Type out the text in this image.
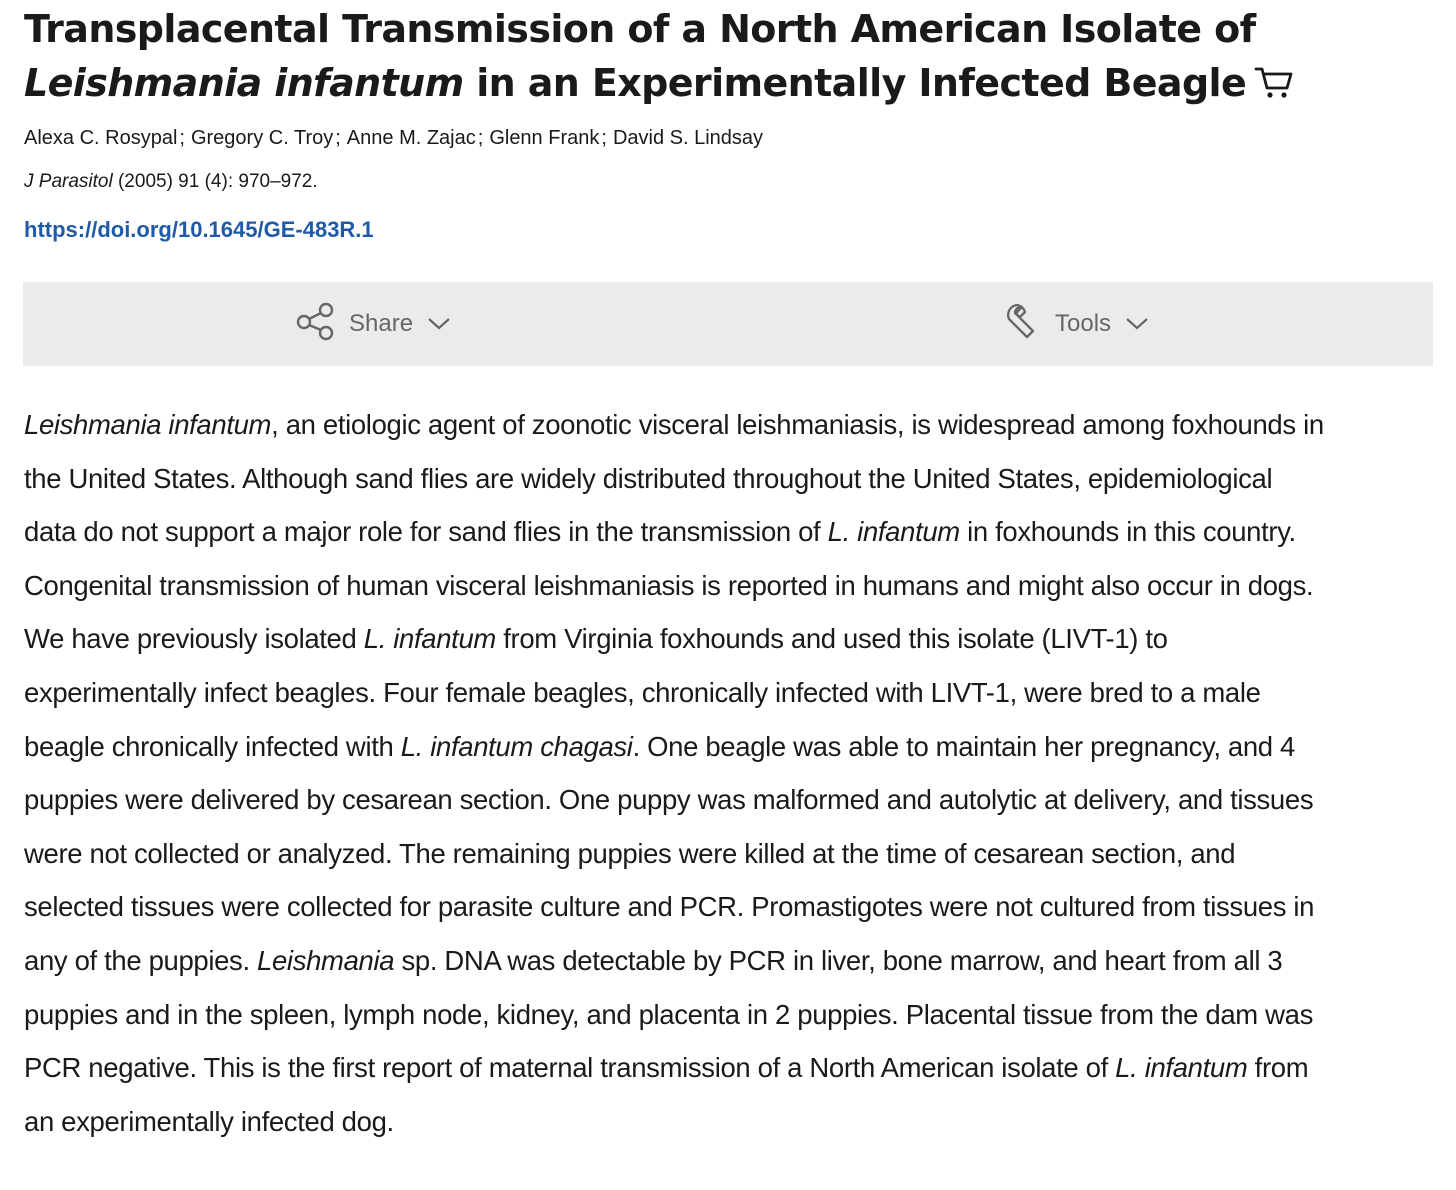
Transplacental Transmission of a North American Isolate of Leishmania infantum in an Experimentally Infected Beagle
Alexa C. Rosypal ; Gregory C. Troy ; Anne M. Zajac ; Glenn Frank ; David S. Lindsay
J Parasitol (2005) 91 (4): 970–972.
https://doi.org/10.1645/GE-483R.1
Share	Tools
Leishmania infantum, an etiologic agent of zoonotic visceral leishmaniasis, is widespread among foxhounds in
the United States. Although sand flies are widely distributed throughout the United States, epidemiological
data do not support a major role for sand flies in the transmission of L. infantum in foxhounds in this country.
Congenital transmission of human visceral leishmaniasis is reported in humans and might also occur in dogs.
We have previously isolated L. infantum from Virginia foxhounds and used this isolate (LIVT-1) to
experimentally infect beagles. Four female beagles, chronically infected with LIVT-1, were bred to a male
beagle chronically infected with L. infantum chagasi. One beagle was able to maintain her pregnancy, and 4
puppies were delivered by cesarean section. One puppy was malformed and autolytic at delivery, and tissues
were not collected or analyzed. The remaining puppies were killed at the time of cesarean section, and
selected tissues were collected for parasite culture and PCR. Promastigotes were not cultured from tissues in
any of the puppies. Leishmania sp. DNA was detectable by PCR in liver, bone marrow, and heart from all 3
puppies and in the spleen, lymph node, kidney, and placenta in 2 puppies. Placental tissue from the dam was
PCR negative. This is the first report of maternal transmission of a North American isolate of L. infantum from
an experimentally infected dog.
